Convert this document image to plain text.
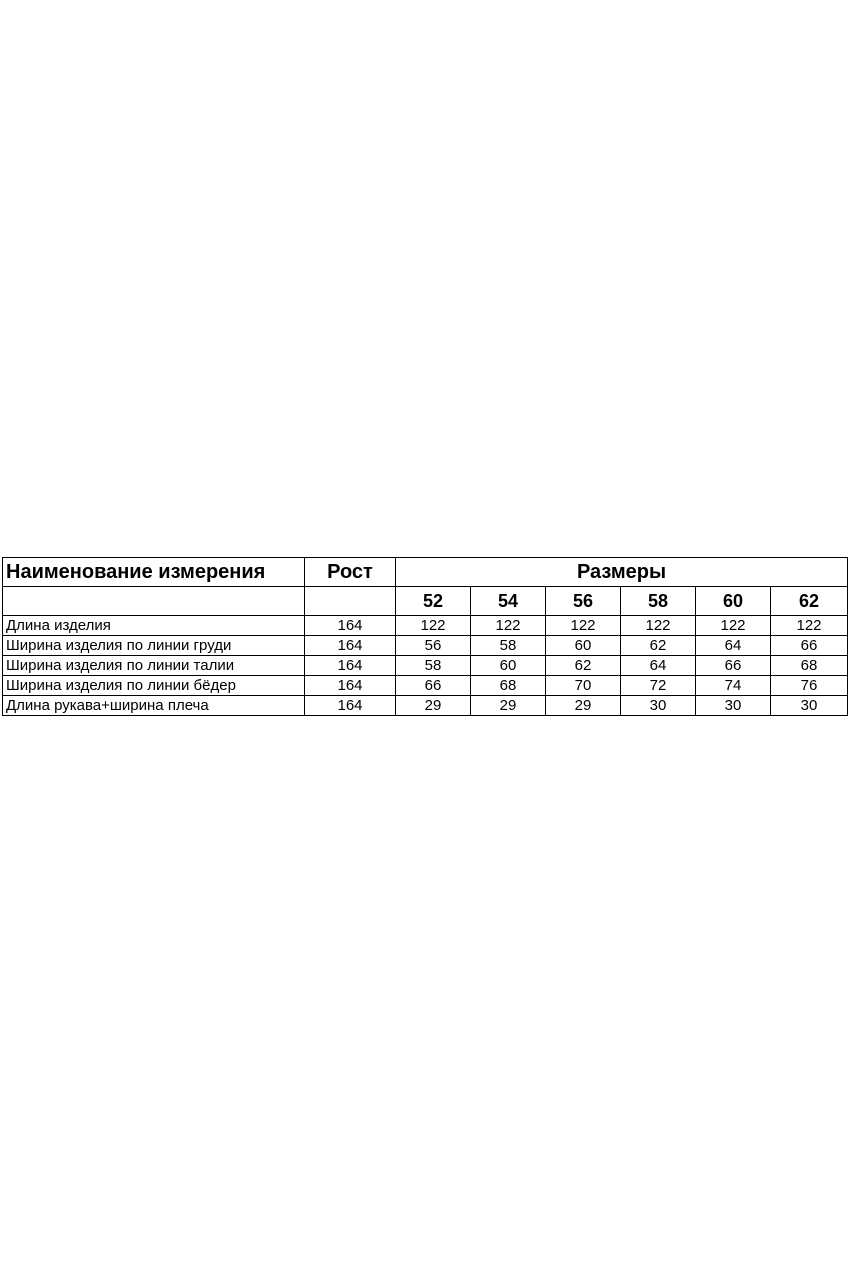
Наименование измерения	Рост	Размеры					
		52	54	56	58	60	62
Длина изделия	164	122	122	122	122	122	122
Ширина изделия по линии груди	164	56	58	60	62	64	66
Ширина изделия по линии талии	164	58	60	62	64	66	68
Ширина изделия по линии бёдер	164	66	68	70	72	74	76
Длина рукава+ширина плеча	164	29	29	29	30	30	30
